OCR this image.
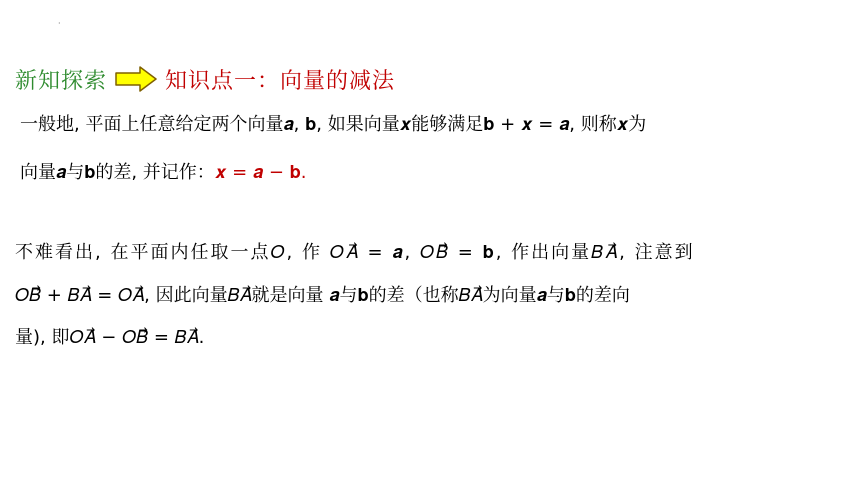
·
新知探索	知识点一：向量的减法
一般地, 平面上任意给定两个向量𝒂, 𝐛, 如果向量𝒙能够满足𝐛 + 𝒙 = 𝒂, 则称𝒙为
向量𝒂与𝐛的差, 并记作：𝒙 = 𝒂 − 𝐛.
不难看出, 在平面内任取一点𝑂, 作 𝑂𝐴⃗ = 𝒂, 𝑂𝐵⃗ = 𝐛, 作出向量𝐵𝐴⃗, 注意到
𝑂𝐵⃗ + 𝐵𝐴⃗ = 𝑂𝐴⃗, 因此向量𝐵𝐴⃗就是向量 𝒂与𝐛的差（也称𝐵𝐴⃗为向量𝒂与𝐛的差向
量), 即𝑂𝐴⃗ − 𝑂𝐵⃗ = 𝐵𝐴⃗.
